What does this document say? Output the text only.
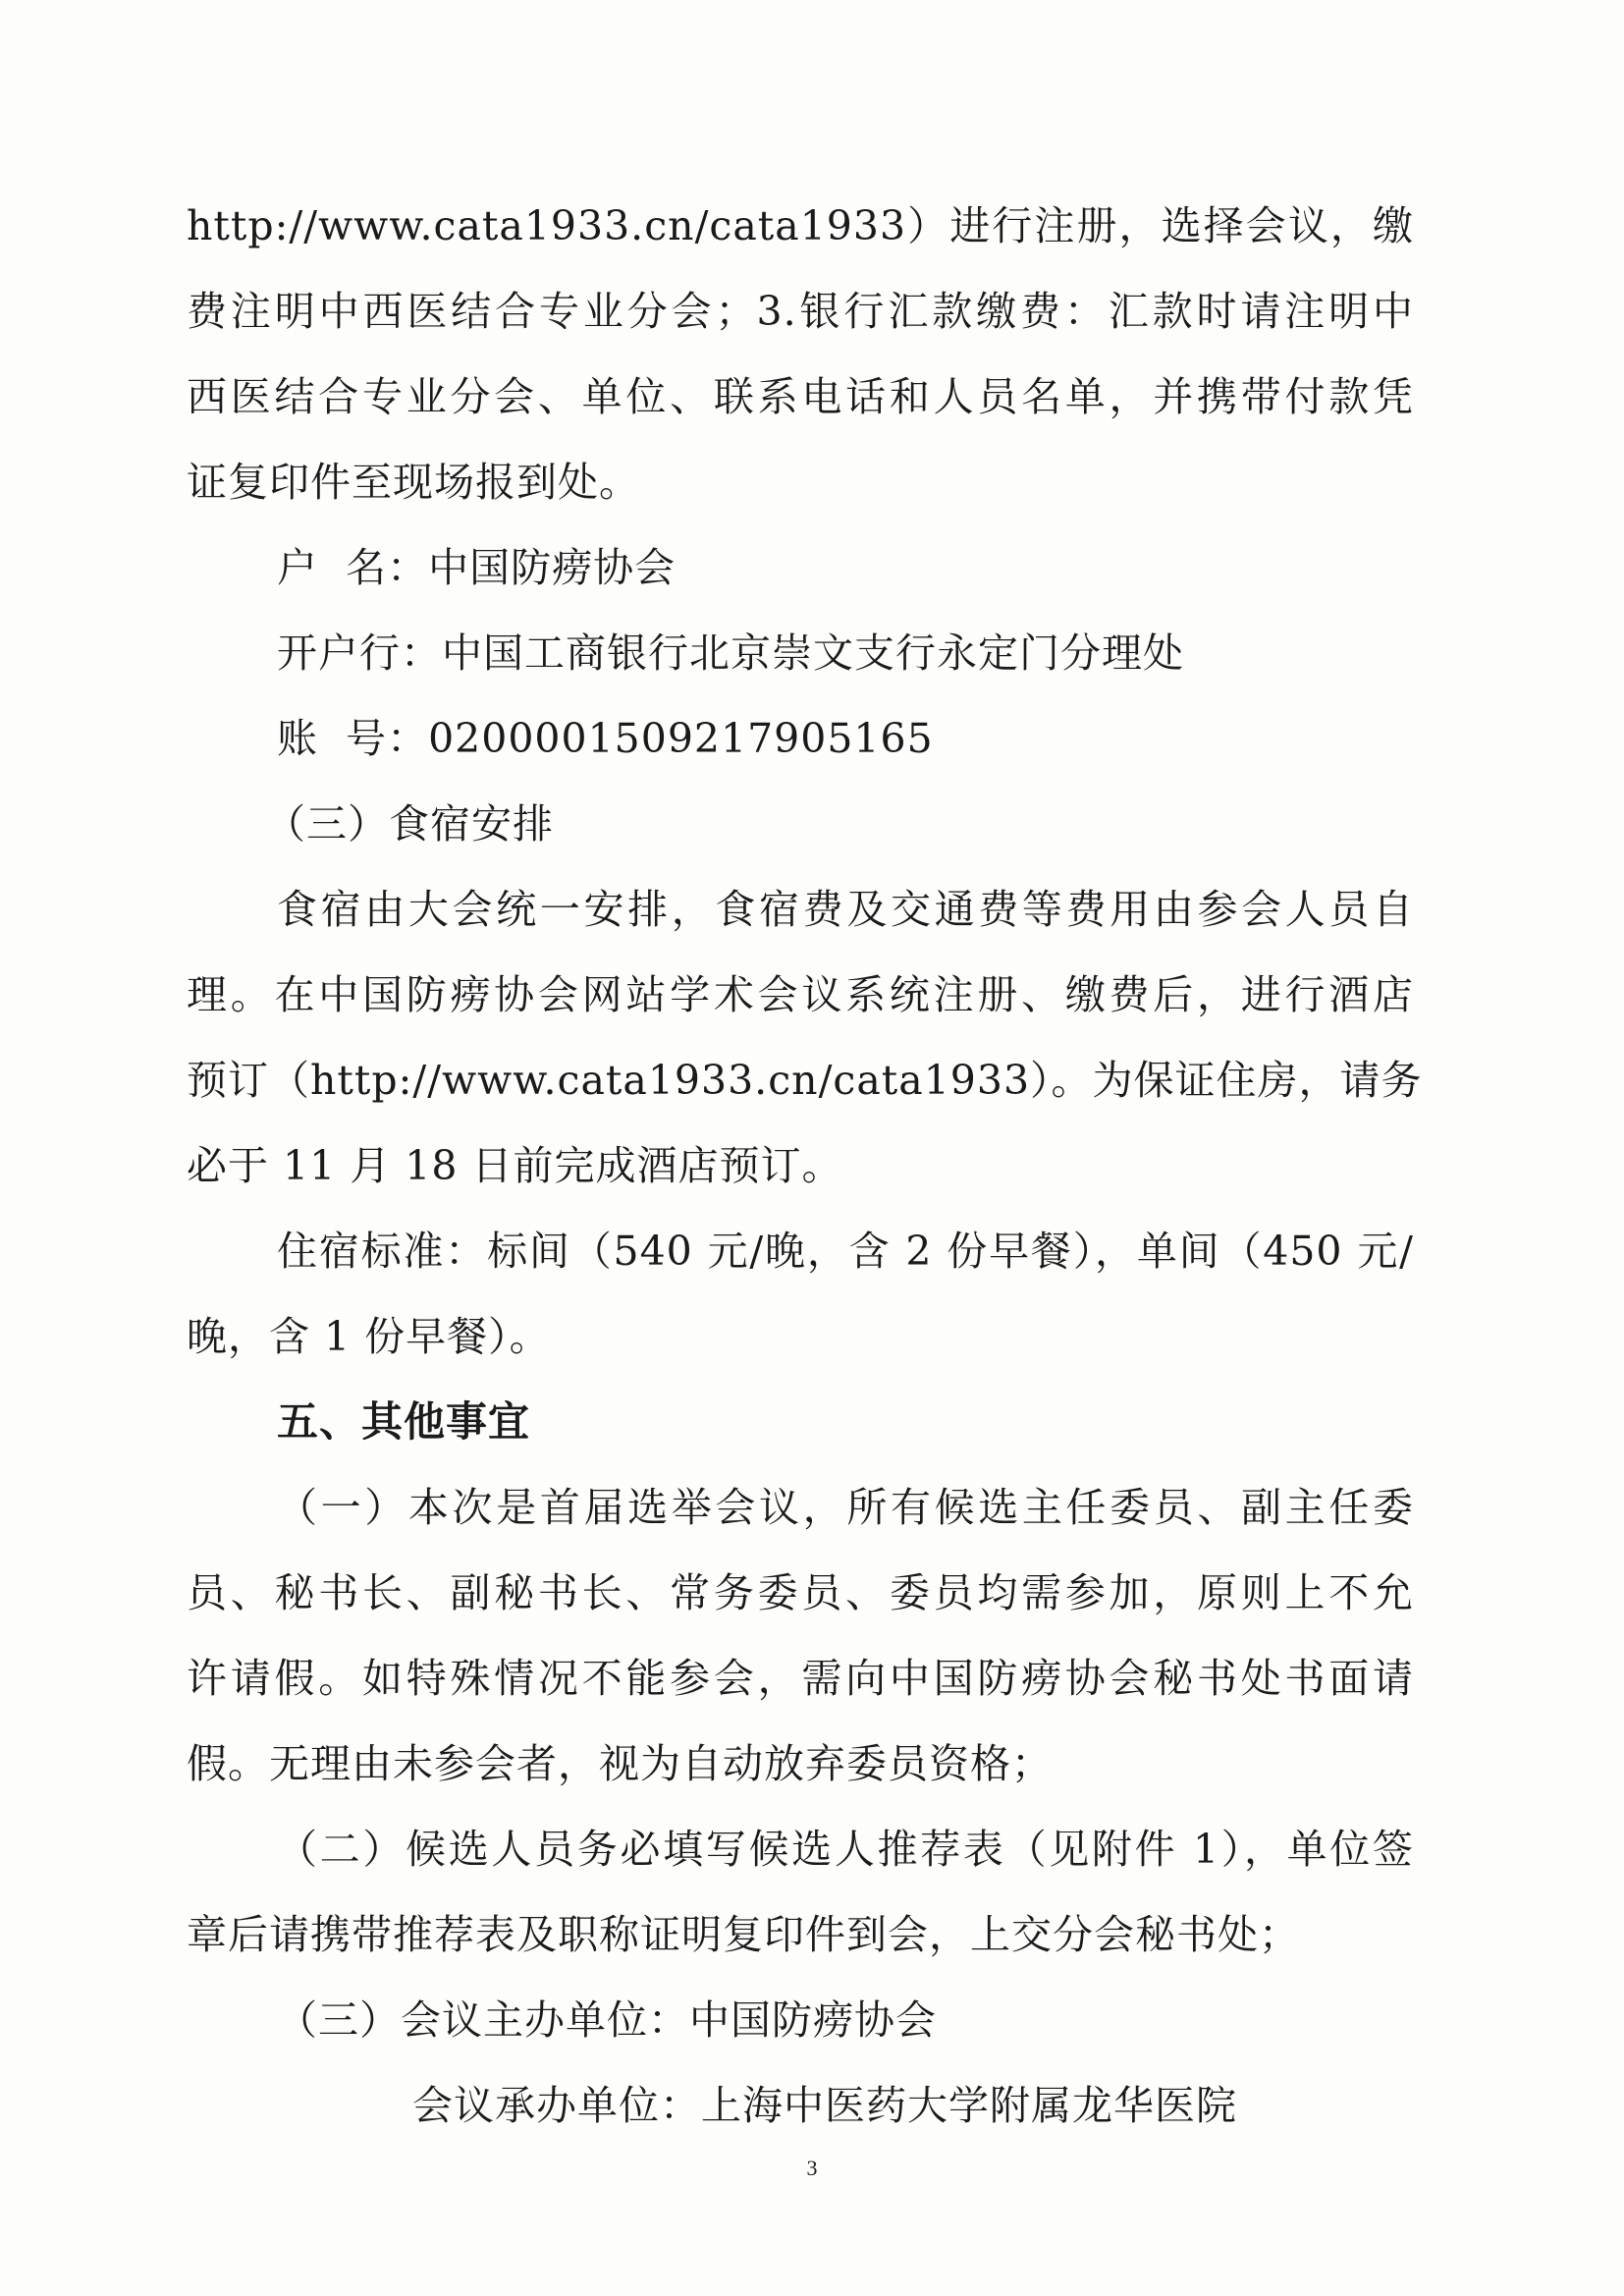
http://www.cata1933.cn/cata1933）进行注册，选择会议，缴
费注明中西医结合专业分会；3.银行汇款缴费：汇款时请注明中
西医结合专业分会、单位、联系电话和人员名单，并携带付款凭
证复印件至现场报到处。
户  名：中国防痨协会
开户行：中国工商银行北京崇文支行永定门分理处
账  号：0200001509217905165
（三）食宿安排
食宿由大会统一安排，食宿费及交通费等费用由参会人员自
理。在中国防痨协会网站学术会议系统注册、缴费后，进行酒店
预订（http://www.cata1933.cn/cata1933）。为保证住房，请务
必于 11 月 18 日前完成酒店预订。
住宿标准：标间（540 元/晚，含 2 份早餐），单间（450 元/
晚，含 1 份早餐）。
五、其他事宜
（一）本次是首届选举会议，所有候选主任委员、副主任委
员、秘书长、副秘书长、常务委员、委员均需参加，原则上不允
许请假。如特殊情况不能参会，需向中国防痨协会秘书处书面请
假。无理由未参会者，视为自动放弃委员资格；
（二）候选人员务必填写候选人推荐表（见附件 1），单位签
章后请携带推荐表及职称证明复印件到会，上交分会秘书处；
（三）会议主办单位：中国防痨协会
会议承办单位：上海中医药大学附属龙华医院
3
